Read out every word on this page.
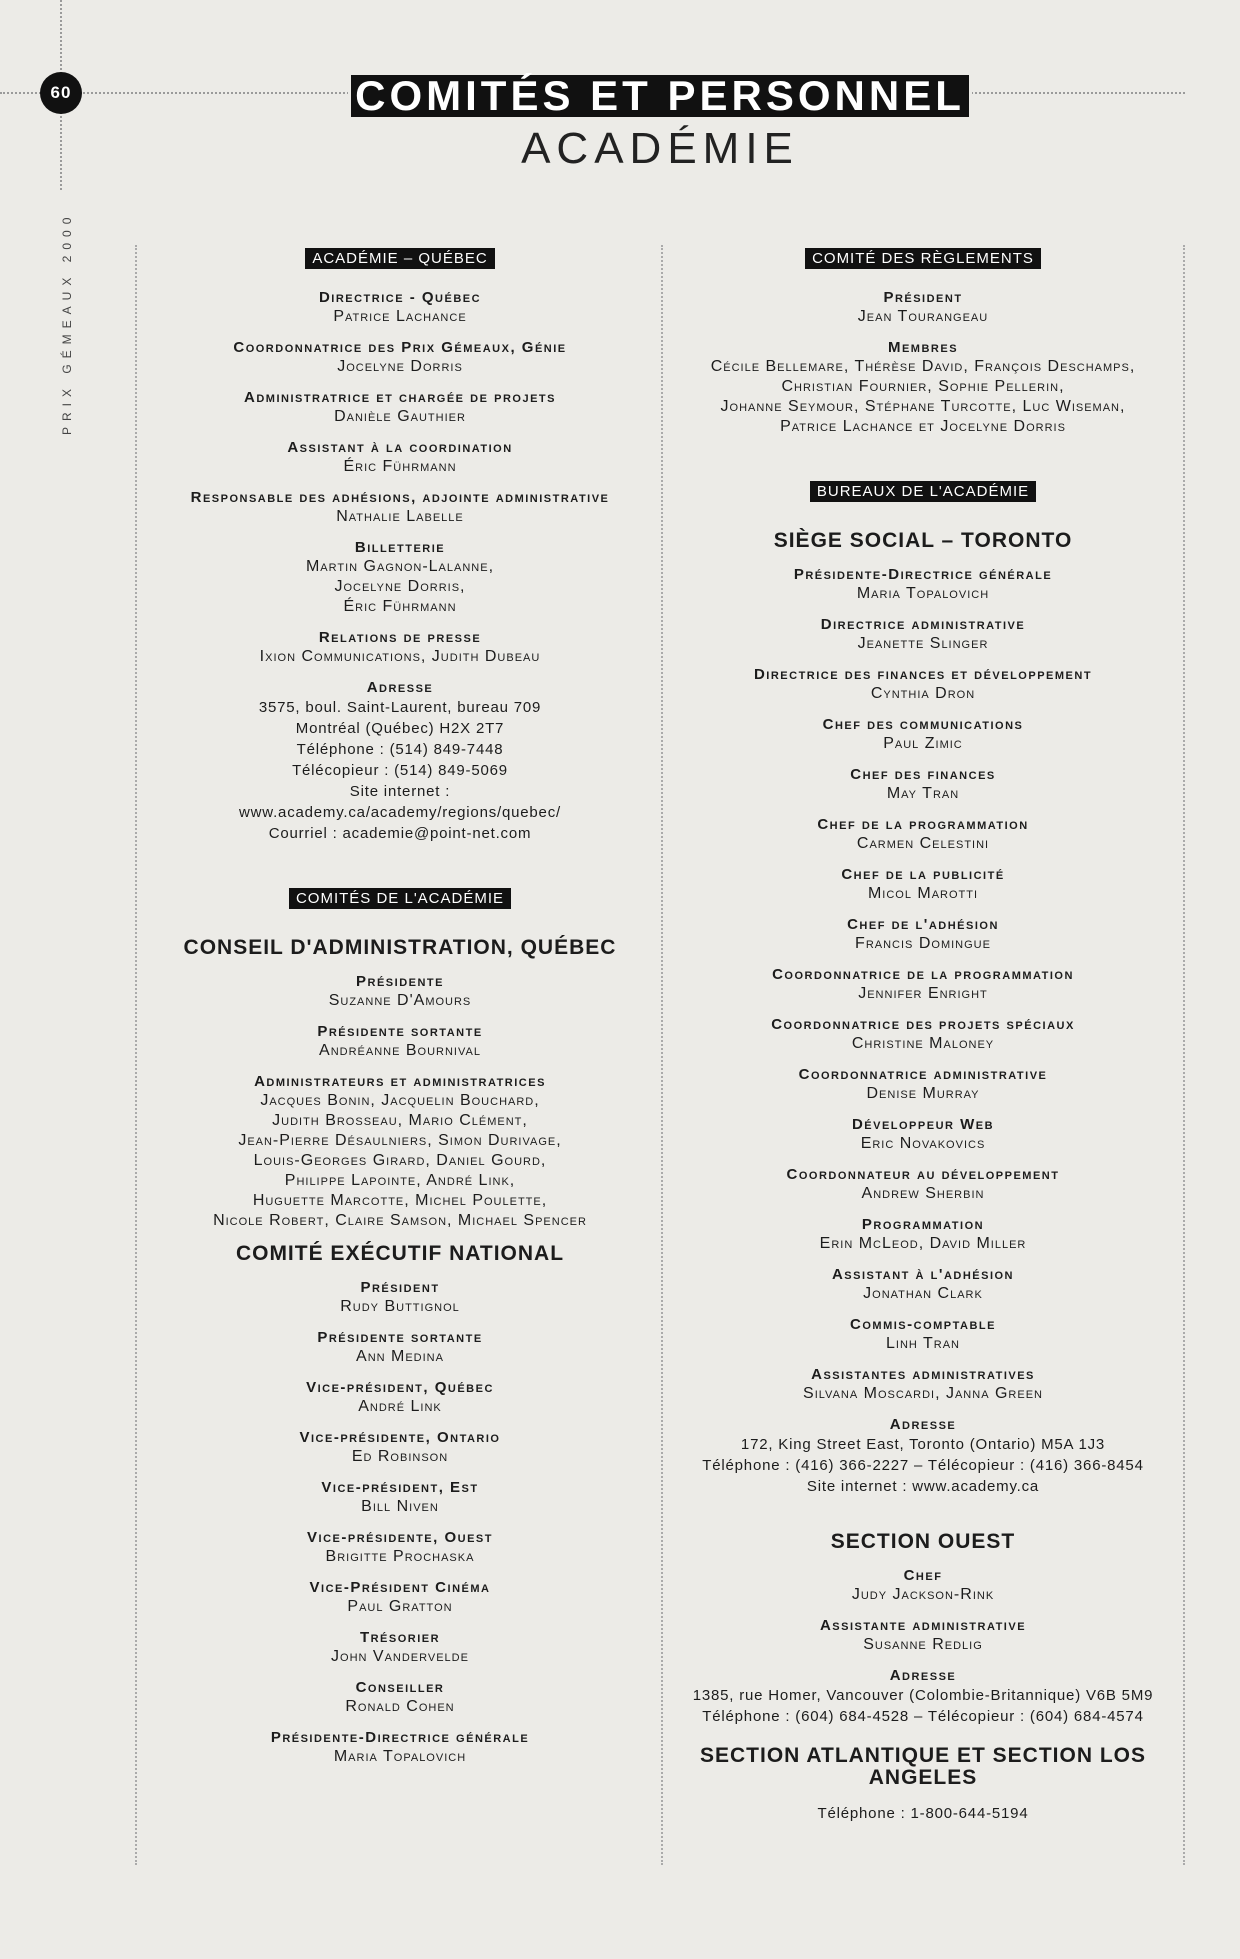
60
PRIX GÉMEAUX 2000
COMITÉS ET PERSONNEL
ACADÉMIE
ACADÉMIE – QUÉBEC
Directrice - Québec
Patrice Lachance
Coordonnatrice des Prix Gémeaux, Génie
Jocelyne Dorris
Administratrice et chargée de projets
Danièle Gauthier
Assistant à la coordination
Éric Führmann
Responsable des adhésions, adjointe administrative
Nathalie Labelle
Billetterie
Martin Gagnon-Lalanne,
Jocelyne Dorris,
Éric Führmann
Relations de presse
Ixion Communications, Judith Dubeau
Adresse
3575, boul. Saint-Laurent, bureau 709
Montréal (Québec) H2X 2T7
Téléphone : (514) 849-7448
Télécopieur : (514) 849-5069
Site internet :
www.academy.ca/academy/regions/quebec/
Courriel : academie@point-net.com
COMITÉS DE L'ACADÉMIE
CONSEIL D'ADMINISTRATION, QUÉBEC
Présidente
Suzanne D'Amours
Présidente sortante
Andréanne Bournival
Administrateurs et administratrices
Jacques Bonin, Jacquelin Bouchard,
Judith Brosseau, Mario Clément,
Jean-Pierre Désaulniers, Simon Durivage,
Louis-Georges Girard, Daniel Gourd,
Philippe Lapointe, André Link,
Huguette Marcotte, Michel Poulette,
Nicole Robert, Claire Samson, Michael Spencer
COMITÉ EXÉCUTIF NATIONAL
Président
Rudy Buttignol
Présidente sortante
Ann Medina
Vice-président, Québec
André Link
Vice-présidente, Ontario
Ed Robinson
Vice-président, Est
Bill Niven
Vice-présidente, Ouest
Brigitte Prochaska
Vice-Président Cinéma
Paul Gratton
Trésorier
John Vandervelde
Conseiller
Ronald Cohen
Présidente-Directrice générale
Maria Topalovich
COMITÉ DES RÈGLEMENTS
Président
Jean Tourangeau
Membres
Cécile Bellemare, Thérèse David, François Deschamps,
Christian Fournier, Sophie Pellerin,
Johanne Seymour, Stéphane Turcotte, Luc Wiseman,
Patrice Lachance et Jocelyne Dorris
BUREAUX DE L'ACADÉMIE
SIÈGE SOCIAL – TORONTO
Présidente-Directrice générale
Maria Topalovich
Directrice administrative
Jeanette Slinger
Directrice des finances et développement
Cynthia Dron
Chef des communications
Paul Zimic
Chef des finances
May Tran
Chef de la programmation
Carmen Celestini
Chef de la publicité
Micol Marotti
Chef de l'adhésion
Francis Domingue
Coordonnatrice de la programmation
Jennifer Enright
Coordonnatrice des projets spéciaux
Christine Maloney
Coordonnatrice administrative
Denise Murray
Développeur Web
Eric Novakovics
Coordonnateur au développement
Andrew Sherbin
Programmation
Erin McLeod, David Miller
Assistant à l'adhésion
Jonathan Clark
Commis-comptable
Linh Tran
Assistantes administratives
Silvana Moscardi, Janna Green
Adresse
172, King Street East, Toronto (Ontario) M5A 1J3
Téléphone : (416) 366-2227 – Télécopieur : (416) 366-8454
Site internet : www.academy.ca
SECTION OUEST
Chef
Judy Jackson-Rink
Assistante administrative
Susanne Redlig
Adresse
1385, rue Homer, Vancouver (Colombie-Britannique) V6B 5M9
Téléphone : (604) 684-4528 – Télécopieur : (604) 684-4574
SECTION ATLANTIQUE ET SECTION LOS ANGELES
Téléphone : 1-800-644-5194
